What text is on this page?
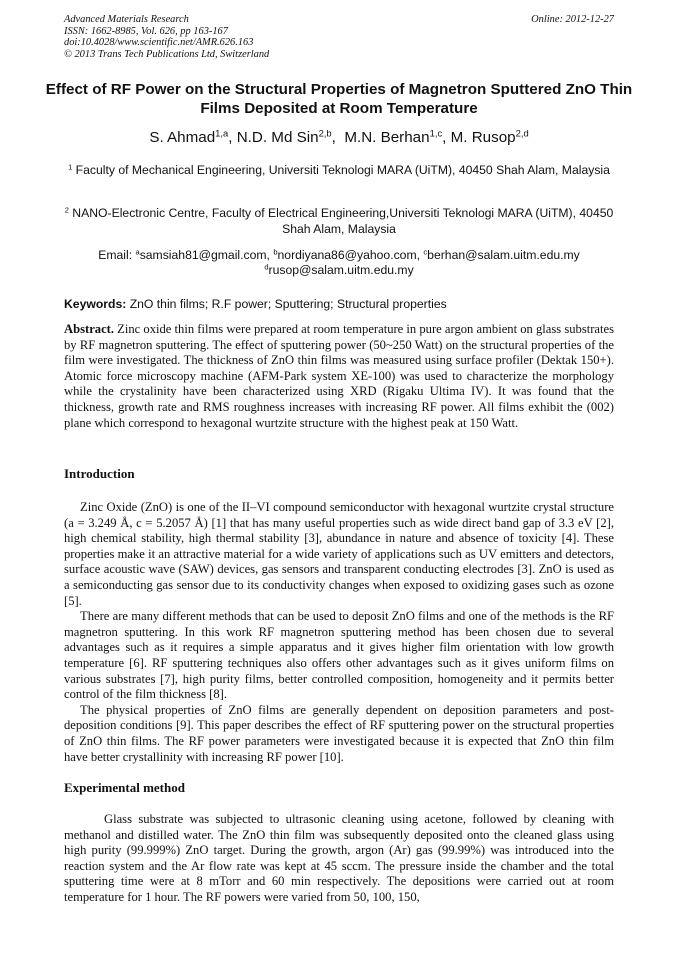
Advanced Materials Research
ISSN: 1662-8985, Vol. 626, pp 163-167
doi:10.4028/www.scientific.net/AMR.626.163
© 2013 Trans Tech Publications Ltd, Switzerland
Online: 2012-12-27
Effect of RF Power on the Structural Properties of Magnetron Sputtered ZnO Thin Films Deposited at Room Temperature
S. Ahmad$^{1,a}$, N.D. Md Sin$^{2,b}$,  M.N. Berhan$^{1,c}$, M. Rusop$^{2,d}$
$^1$ Faculty of Mechanical Engineering, Universiti Teknologi MARA (UiTM), 40450 Shah Alam, Malaysia
$^2$ NANO-Electronic Centre, Faculty of Electrical Engineering,Universiti Teknologi MARA (UiTM), 40450 Shah Alam, Malaysia
Email: $^a$samsiah81@gmail.com, $^b$nordiyana86@yahoo.com, $^c$berhan@salam.uitm.edu.my
$^d$rusop@salam.uitm.edu.my
Keywords: ZnO thin films; R.F power; Sputtering; Structural properties
Abstract. Zinc oxide thin films were prepared at room temperature in pure argon ambient on glass substrates by RF magnetron sputtering. The effect of sputtering power (50~250 Watt) on the structural properties of the film were investigated. The thickness of ZnO thin films was measured using surface profiler (Dektak 150+). Atomic force microscopy machine (AFM-Park system XE-100) was used to characterize the morphology while the crystalinity have been characterized using XRD (Rigaku Ultima IV). It was found that the thickness, growth rate and RMS roughness increases with increasing RF power. All films exhibit the (002) plane which correspond to hexagonal wurtzite structure with the highest peak at 150 Watt.
Introduction

Zinc Oxide (ZnO) is one of the II–VI compound semiconductor with hexagonal wurtzite crystal structure (a = 3.249 Å, c = 5.2057 Å) [1] that has many useful properties such as wide direct band gap of 3.3 eV [2], high chemical stability, high thermal stability [3], abundance in nature and absence of toxicity [4]. These properties make it an attractive material for a wide variety of applications such as UV emitters and detectors, surface acoustic wave (SAW) devices, gas sensors and transparent conducting electrodes [3]. ZnO is used as a semiconducting gas sensor due to its conductivity changes when exposed to oxidizing gases such as ozone [5].

There are many different methods that can be used to deposit ZnO films and one of the methods is the RF magnetron sputtering. In this work RF magnetron sputtering method has been chosen due to several advantages such as it requires a simple apparatus and it gives higher film orientation with low growth temperature [6]. RF sputtering techniques also offers other advantages such as it gives uniform films on various substrates [7], high purity films, better controlled composition, homogeneity and it permits better control of the film thickness [8].

The physical properties of ZnO films are generally dependent on deposition parameters and post-deposition conditions [9]. This paper describes the effect of RF sputtering power on the structural properties of ZnO thin films. The RF power parameters were investigated because it is expected that ZnO thin film have better crystallinity with increasing RF power [10].

Experimental method
Glass substrate was subjected to ultrasonic cleaning using acetone, followed by cleaning with methanol and distilled water. The ZnO thin film was subsequently deposited onto the cleaned glass using high purity (99.999%) ZnO target. During the growth, argon (Ar) gas (99.99%) was introduced into the reaction system and the Ar flow rate was kept at 45 sccm. The pressure inside the chamber and the total sputtering time were at 8 mTorr and 60 min respectively. The depositions were carried out at room temperature for 1 hour. The RF powers were varied from 50, 100, 150,
